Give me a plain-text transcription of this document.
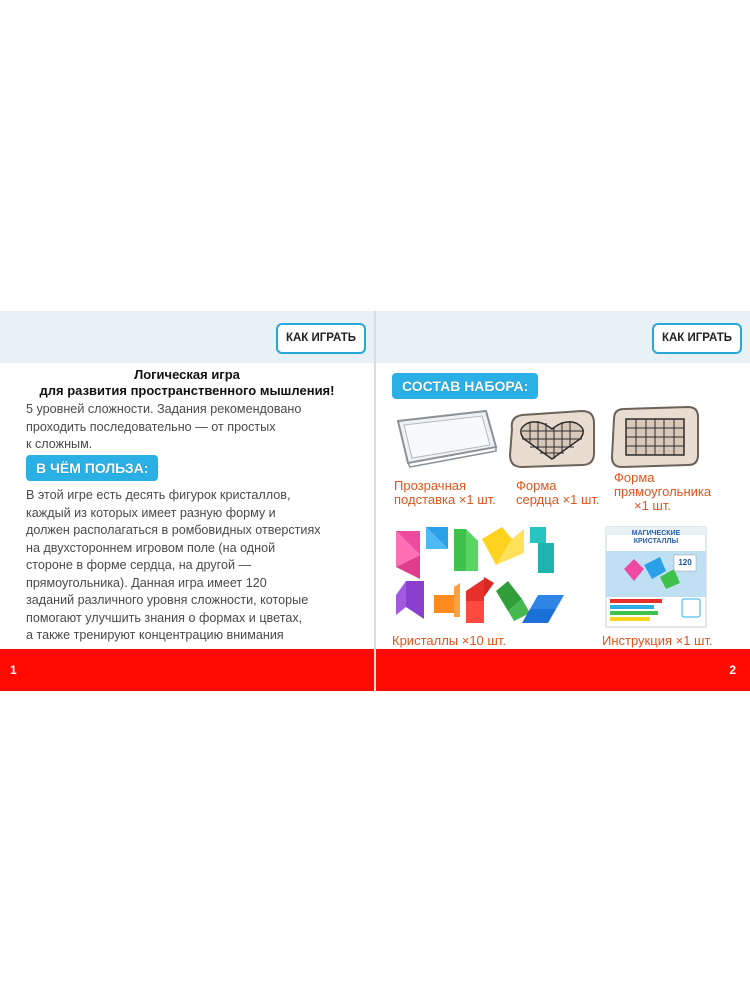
КАК ИГРАТЬ
Логическая игра
для развития пространственного мышления!
5 уровней сложности. Задания рекомендовано
проходить последовательно — от простых
к сложным.
В ЧЁМ ПОЛЬЗА:
В этой игре есть десять фигурок кристаллов,
каждый из которых имеет разную форму и
должен располагаться в ромбовидных отверстиях
на двухстороннем игровом поле (на одной
стороне в форме сердца, на другой —
прямоугольника). Данная игра имеет 120
заданий различного уровня сложности, которые
помогают улучшить знания о формах и цветах,
а также тренируют концентрацию внимания
1
КАК ИГРАТЬ
СОСТАВ НАБОРА:
Прозрачная
подставка ×1 шт.
Форма
сердца ×1 шт.
Форма
прямоугольника
×1 шт.
МАГИЧЕСКИЕ
КРИСТАЛЛЫ
120
Кристаллы ×10 шт.	Инструкция ×1 шт.
2
